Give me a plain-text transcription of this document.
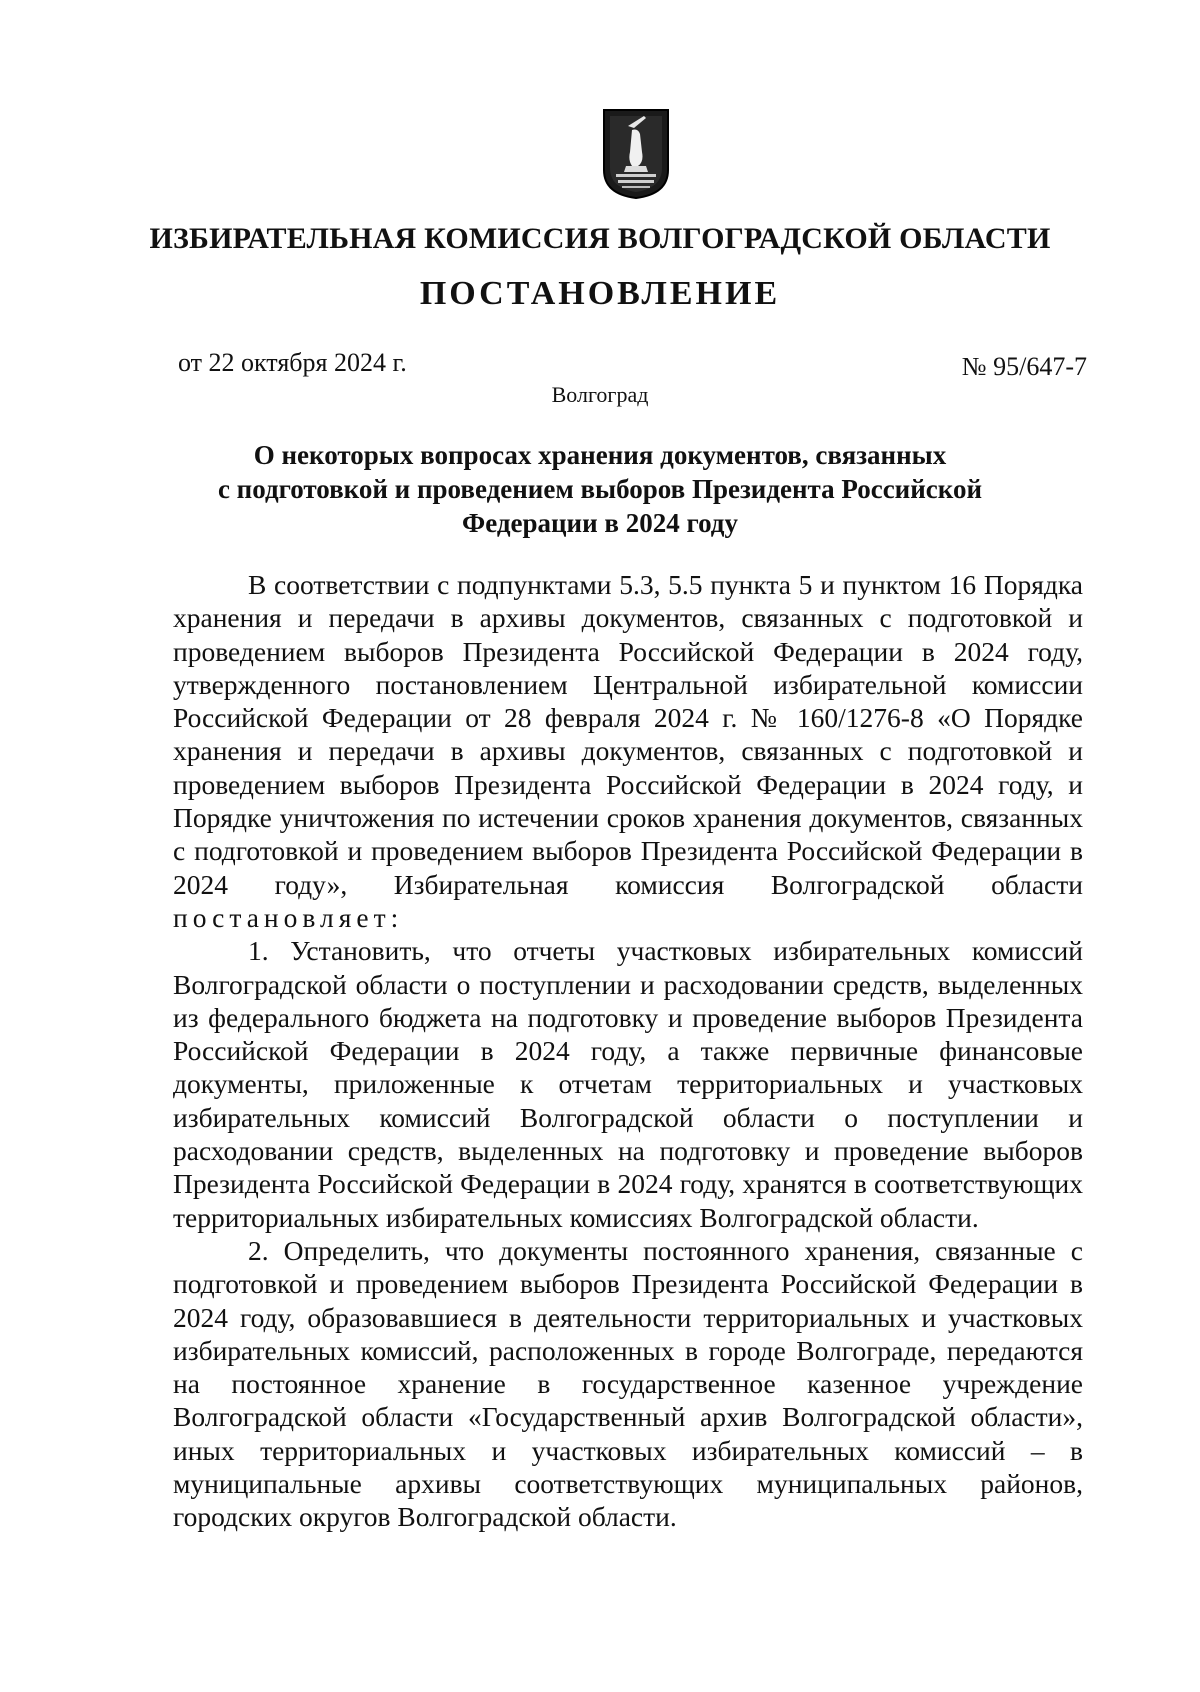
ИЗБИРАТЕЛЬНАЯ КОМИССИЯ ВОЛГОГРАДСКОЙ ОБЛАСТИ
ПОСТАНОВЛЕНИЕ
от 22 октября 2024 г.	№ 95/647-7
Волгоград
О некоторых вопросах хранения документов, связанных
с подготовкой и проведением выборов Президента Российской
Федерации в 2024 году

В соответствии с подпунктами 5.3, 5.5 пункта 5 и пунктом 16 Порядка хранения и передачи в архивы документов, связанных с подготовкой и проведением выборов Президента Российской Федерации в 2024 году, утвержденного постановлением Центральной избирательной комиссии Российской Федерации от 28 февраля 2024 г. № 160/1276-8 «О Порядке хранения и передачи в архивы документов, связанных с подготовкой и проведением выборов Президента Российской Федерации в 2024 году, и Порядке уничтожения по истечении сроков хранения документов, связанных с подготовкой и проведением выборов Президента Российской Федерации в 2024 году», Избирательная комиссия Волгоградской области постановляет:

1. Установить, что отчеты участковых избирательных комиссий Волгоградской области о поступлении и расходовании средств, выделенных из федерального бюджета на подготовку и проведение выборов Президента Российской Федерации в 2024 году, а также первичные финансовые документы, приложенные к отчетам территориальных и участковых избирательных комиссий Волгоградской области о поступлении и расходовании средств, выделенных на подготовку и проведение выборов Президента Российской Федерации в 2024 году, хранятся в соответствующих территориальных избирательных комиссиях Волгоградской области.

2. Определить, что документы постоянного хранения, связанные с подготовкой и проведением выборов Президента Российской Федерации в 2024 году, образовавшиеся в деятельности территориальных и участковых избирательных комиссий, расположенных в городе Волгограде, передаются на постоянное хранение в государственное казенное учреждение Волгоградской области «Государственный архив Волгоградской области», иных территориальных и участковых избирательных комиссий – в муниципальные архивы соответствующих муниципальных районов, городских округов Волгоградской области.
